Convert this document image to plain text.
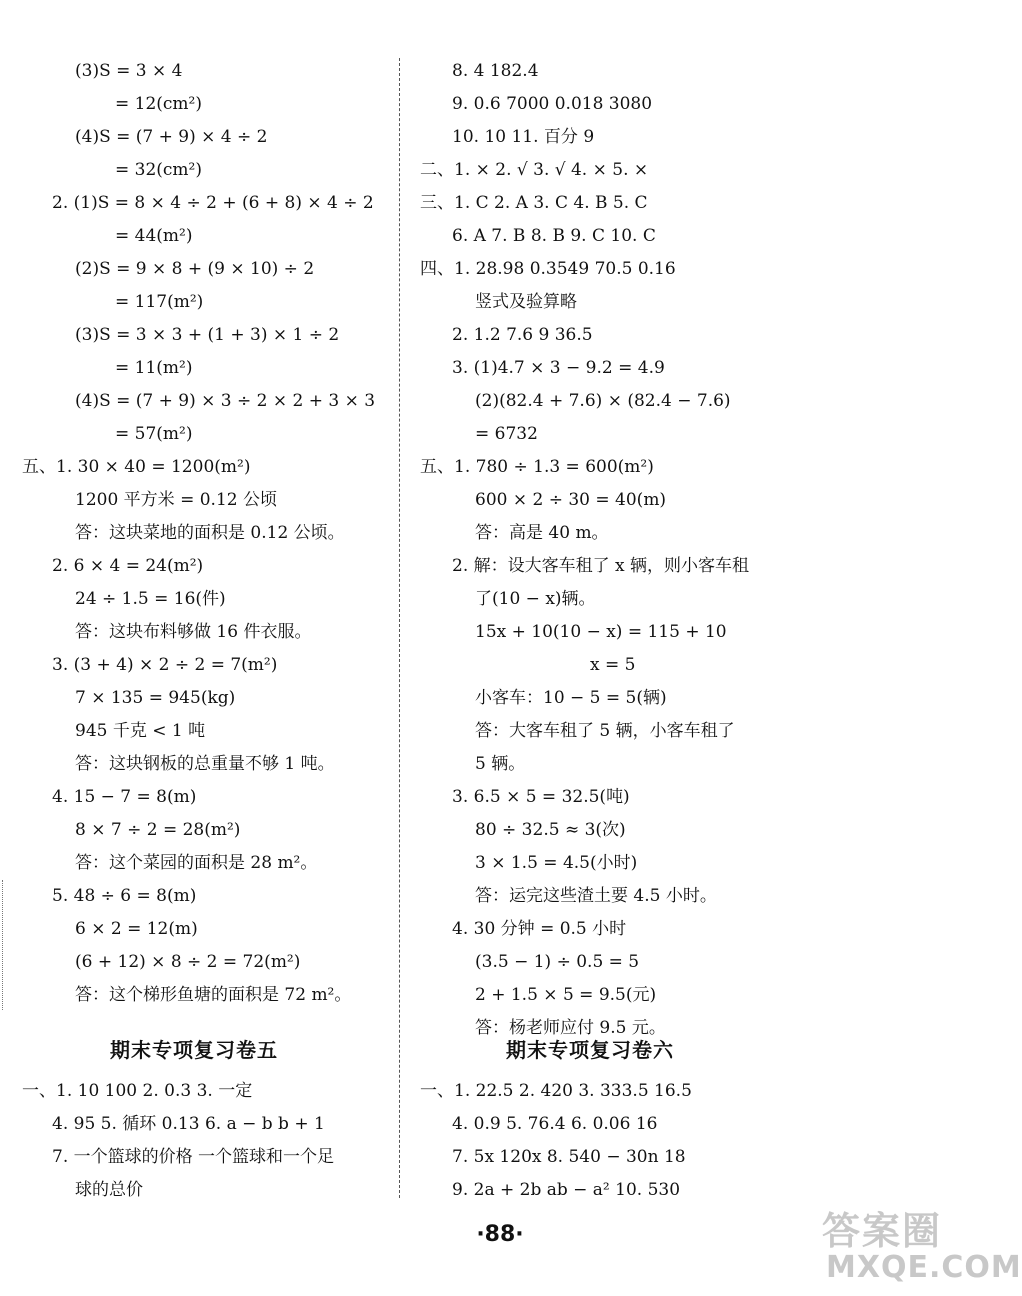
(3)S = 3 × 4
= 12(cm²)
(4)S = (7 + 9) × 4 ÷ 2
= 32(cm²)
2. (1)S = 8 × 4 ÷ 2 + (6 + 8) × 4 ÷ 2
= 44(m²)
(2)S = 9 × 8 + (9 × 10) ÷ 2
= 117(m²)
(3)S = 3 × 3 + (1 + 3) × 1 ÷ 2
= 11(m²)
(4)S = (7 + 9) × 3 ÷ 2 × 2 + 3 × 3
= 57(m²)
五、1. 30 × 40 = 1200(m²)
1200 平方米 = 0.12 公顷
答：这块菜地的面积是 0.12 公顷。
2. 6 × 4 = 24(m²)
24 ÷ 1.5 = 16(件)
答：这块布料够做 16 件衣服。
3. (3 + 4) × 2 ÷ 2 = 7(m²)
7 × 135 = 945(kg)
945 千克 < 1 吨
答：这块钢板的总重量不够 1 吨。
4. 15 − 7 = 8(m)
8 × 7 ÷ 2 = 28(m²)
答：这个菜园的面积是 28 m²。
5. 48 ÷ 6 = 8(m)
6 × 2 = 12(m)
(6 + 12) × 8 ÷ 2 = 72(m²)
答：这个梯形鱼塘的面积是 72 m²。
期末专项复习卷五
一、1. 10 100 2. 0.3 3. 一定
4. 95 5. 循环 0.13 6. a − b b + 1
7. 一个篮球的价格 一个篮球和一个足
球的总价
8. 4 182.4
9. 0.6 7000 0.018 3080
10. 10 11. 百分 9
二、1. × 2. √ 3. √ 4. × 5. ×
三、1. C 2. A 3. C 4. B 5. C
6. A 7. B 8. B 9. C 10. C
四、1. 28.98 0.3549 70.5 0.16
竖式及验算略
2. 1.2 7.6 9 36.5
3. (1)4.7 × 3 − 9.2 = 4.9
(2)(82.4 + 7.6) × (82.4 − 7.6)
= 6732
五、1. 780 ÷ 1.3 = 600(m²)
600 × 2 ÷ 30 = 40(m)
答：高是 40 m。
2. 解：设大客车租了 x 辆，则小客车租
了(10 − x)辆。
15x + 10(10 − x) = 115 + 10
x = 5
小客车：10 − 5 = 5(辆)
答：大客车租了 5 辆，小客车租了
5 辆。
3. 6.5 × 5 = 32.5(吨)
80 ÷ 32.5 ≈ 3(次)
3 × 1.5 = 4.5(小时)
答：运完这些渣土要 4.5 小时。
4. 30 分钟 = 0.5 小时
(3.5 − 1) ÷ 0.5 = 5
2 + 1.5 × 5 = 9.5(元)
答：杨老师应付 9.5 元。
期末专项复习卷六
一、1. 22.5 2. 420 3. 333.5 16.5
4. 0.9 5. 76.4 6. 0.06 16
7. 5x 120x 8. 540 − 30n 18
9. 2a + 2b ab − a² 10. 530
·88·	答案圈
MXQE.COM
